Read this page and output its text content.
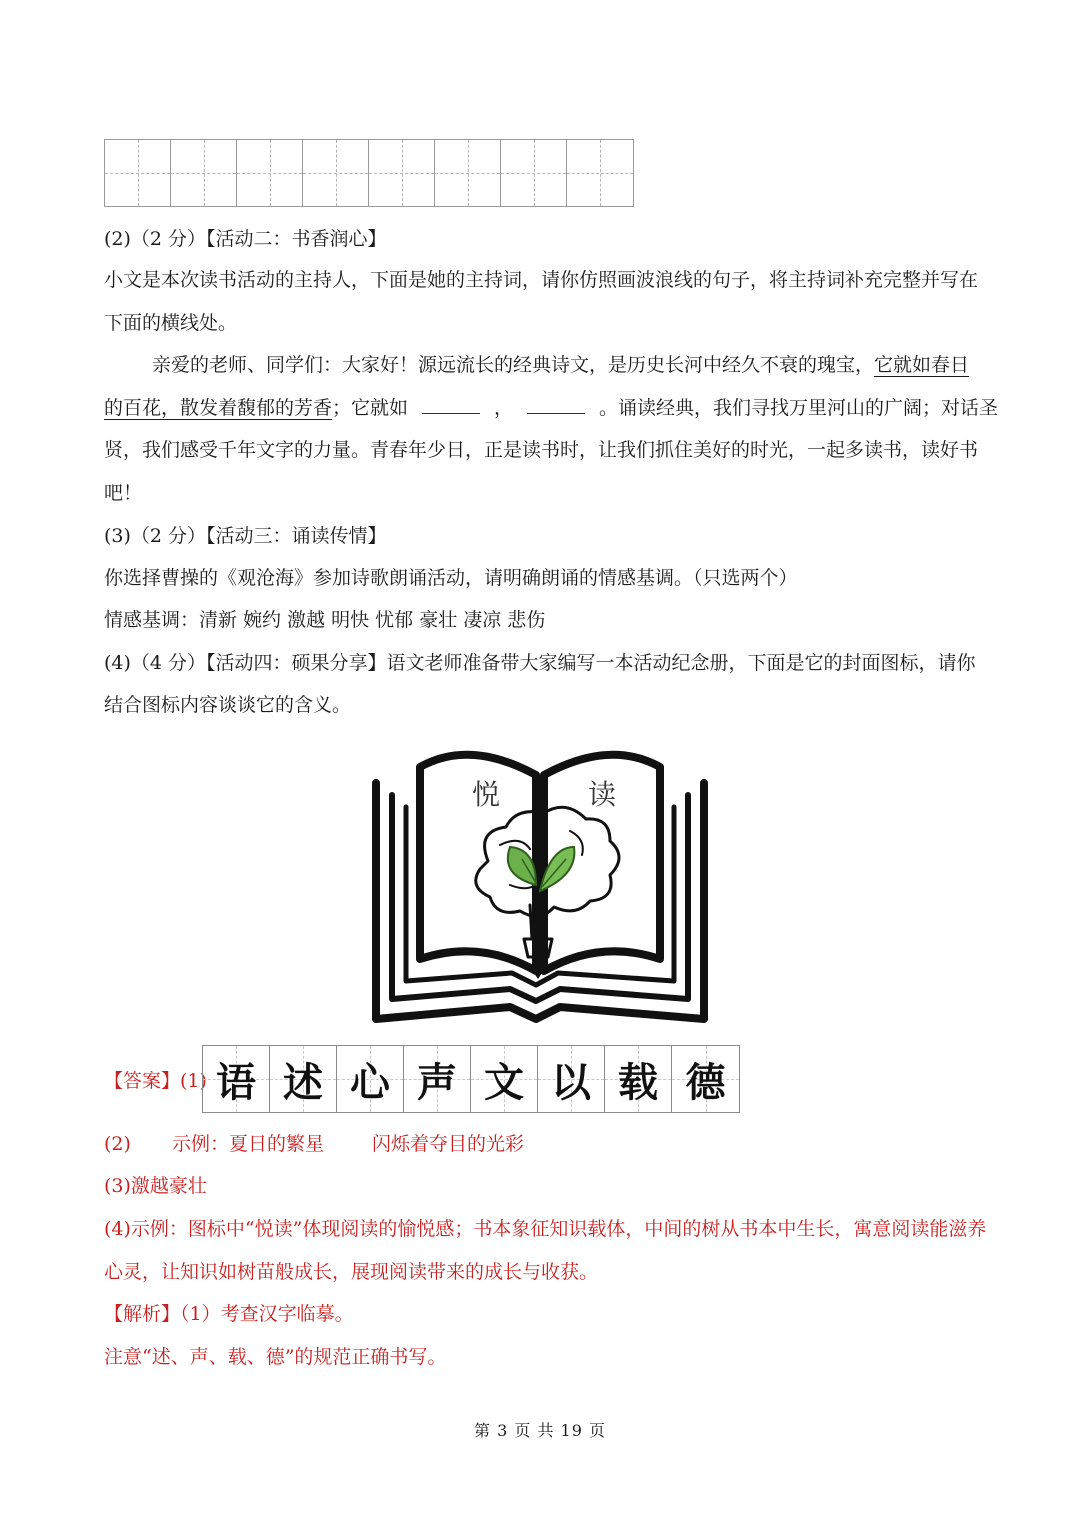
(2)（2 分）【活动二：书香润心】
小文是本次读书活动的主持人，下面是她的主持词，请你仿照画波浪线的句子，将主持词补充完整并写在
下面的横线处。
亲爱的老师、同学们：大家好！源远流长的经典诗文，是历史长河中经久不衰的瑰宝，它就如春日
的百花，散发着馥郁的芳香；它就如	，	。诵读经典，我们寻找万里河山的广阔；对话圣
贤，我们感受千年文字的力量。青春年少日，正是读书时，让我们抓住美好的时光，一起多读书，读好书
吧！
(3)（2 分）【活动三：诵读传情】
你选择曹操的《观沧海》参加诗歌朗诵活动，请明确朗诵的情感基调。（只选两个）
情感基调：清新 婉约 激越 明快 忧郁 豪壮 凄凉 悲伤
(4)（4 分）【活动四：硕果分享】语文老师准备带大家编写一本活动纪念册，下面是它的封面图标，请你
结合图标内容谈谈它的含义。
悦	读
【答案】(1) 语 述 心 声 文 以 载 德
(2) 示例：夏日的繁星	闪烁着夺目的光彩
(3)激越豪壮
(4)示例：图标中“悦读”体现阅读的愉悦感；书本象征知识载体，中间的树从书本中生长，寓意阅读能滋养
心灵，让知识如树苗般成长，展现阅读带来的成长与收获。
【解析】（1）考查汉字临摹。
注意“述、声、载、德”的规范正确书写。
第 3 页 共 19 页
